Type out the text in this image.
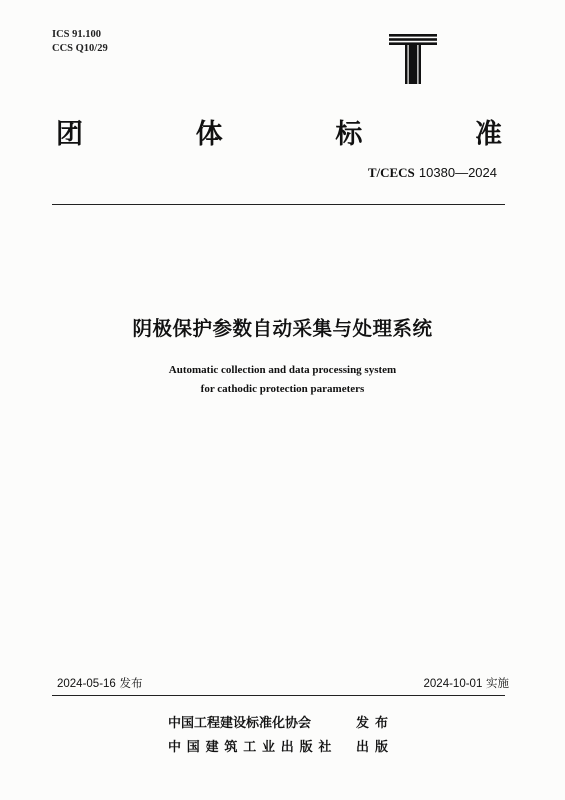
ICS 91.100
CCS Q10/29
团	体	标	准
T/CECS 10380—2024
阴极保护参数自动采集与处理系统
Automatic collection and data processing system
for cathodic protection parameters
2024-05-16 发布	2024-10-01 实施
中国工程建设标准化协会	发布
中国建筑工业出版社	出版
